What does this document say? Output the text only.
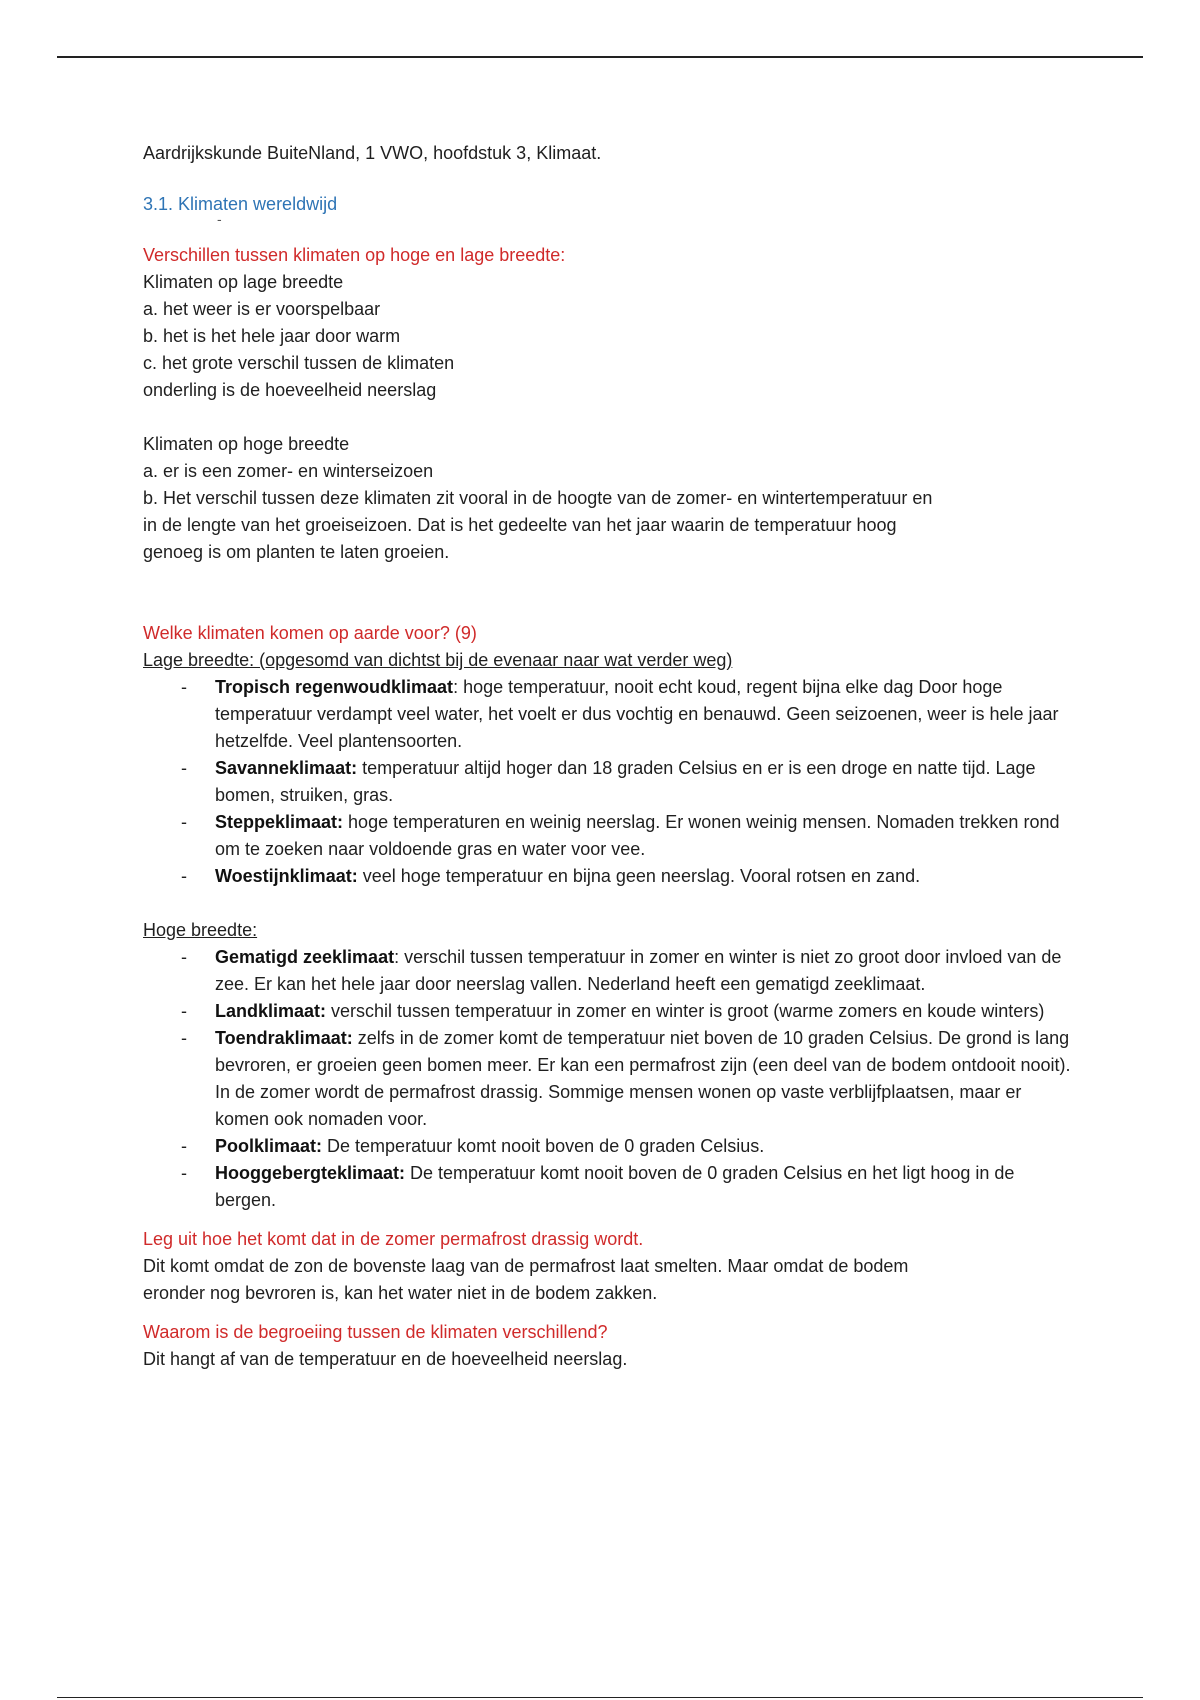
Aardrijkskunde BuiteNland, 1 VWO, hoofdstuk 3, Klimaat.

3.1. Klimaten wereldwijd

-

Verschillen tussen klimaten op hoge en lage breedte:

Klimaten op lage breedte

a. het weer is er voorspelbaar

b. het is het hele jaar door warm

c. het grote verschil tussen de klimaten

onderling is de hoeveelheid neerslag

Klimaten op hoge breedte

a. er is een zomer- en winterseizoen

b. Het verschil tussen deze klimaten zit vooral in de hoogte van de zomer- en wintertemperatuur en

in de lengte van het groeiseizoen. Dat is het gedeelte van het jaar waarin de temperatuur hoog

genoeg is om planten te laten groeien.

Welke klimaten komen op aarde voor? (9)

Lage breedte: (opgesomd van dichtst bij de evenaar naar wat verder weg)

- Tropisch regenwoudklimaat: hoge temperatuur, nooit echt koud, regent bijna elke dag Door hoge temperatuur verdampt veel water, het voelt er dus vochtig en benauwd. Geen seizoenen, weer is hele jaar hetzelfde. Veel plantensoorten.
- Savanneklimaat: temperatuur altijd hoger dan 18 graden Celsius en er is een droge en natte tijd. Lage bomen, struiken, gras.
- Steppeklimaat: hoge temperaturen en weinig neerslag. Er wonen weinig mensen. Nomaden trekken rond om te zoeken naar voldoende gras en water voor vee.
- Woestijnklimaat: veel hoge temperatuur en bijna geen neerslag. Vooral rotsen en zand.

Hoge breedte:

- Gematigd zeeklimaat: verschil tussen temperatuur in zomer en winter is niet zo groot door invloed van de zee. Er kan het hele jaar door neerslag vallen. Nederland heeft een gematigd zeeklimaat.
- Landklimaat: verschil tussen temperatuur in zomer en winter is groot (warme zomers en koude winters)
- Toendraklimaat: zelfs in de zomer komt de temperatuur niet boven de 10 graden Celsius. De grond is lang bevroren, er groeien geen bomen meer. Er kan een permafrost zijn (een deel van de bodem ontdooit nooit). In de zomer wordt de permafrost drassig. Sommige mensen wonen op vaste verblijfplaatsen, maar er komen ook nomaden voor.
- Poolklimaat: De temperatuur komt nooit boven de 0 graden Celsius.
- Hooggebergteklimaat: De temperatuur komt nooit boven de 0 graden Celsius en het ligt hoog in de bergen.

Leg uit hoe het komt dat in de zomer permafrost drassig wordt.

Dit komt omdat de zon de bovenste laag van de permafrost laat smelten. Maar omdat de bodem

eronder nog bevroren is, kan het water niet in de bodem zakken.

Waarom is de begroeiing tussen de klimaten verschillend?

Dit hangt af van de temperatuur en de hoeveelheid neerslag.
